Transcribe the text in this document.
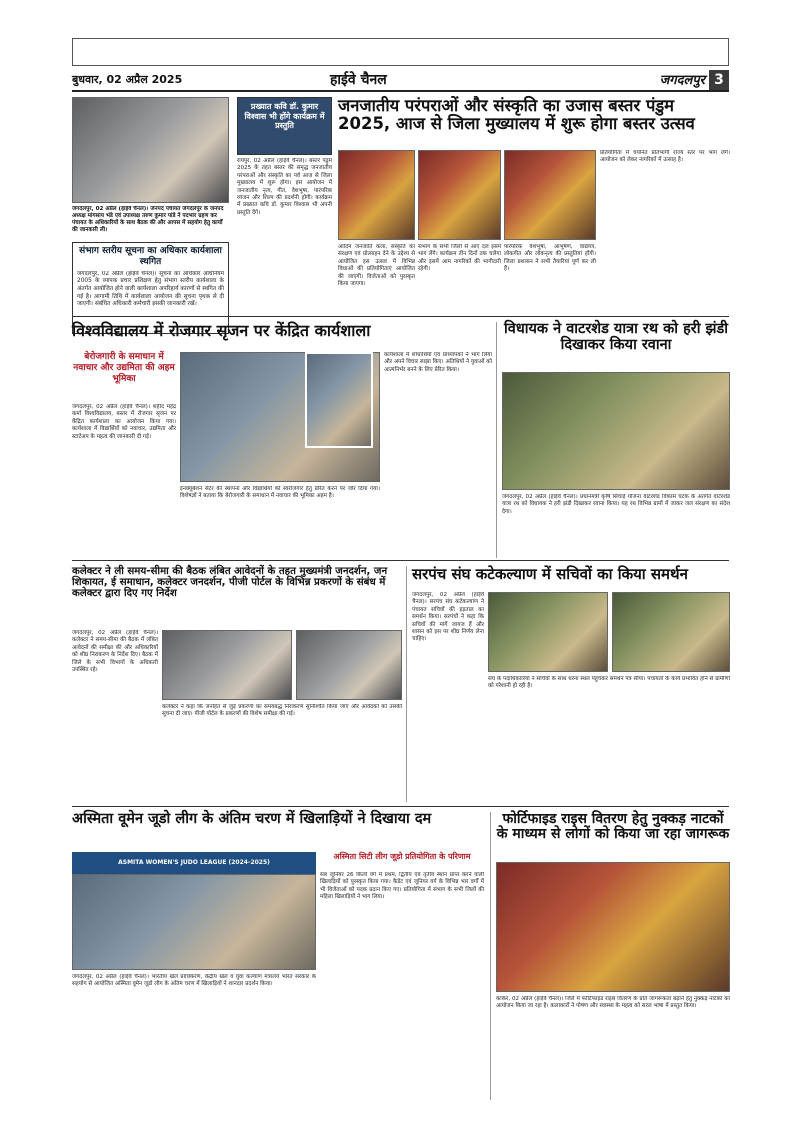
बुधवार, 02 अप्रैल 2025	हाईवे चैनल	जगदलपुर 3
जगदलपुर, 02 अप्रैल (हाईवे चैनल)। जनपद पंचायत जगदलपुर के जनपद अध्यक्ष मांगसाय भंडे एवं उपाध्यक्ष तरुण कुमार पांडे ने पदभार ग्रहण कर पंचायत के अधिकारियों के साथ बैठक की और आपस में सहयोग हेतु कार्यों की जानकारी ली।
संभाग स्तरीय सूचना का अधिकार कार्यशाला स्थगित
जगदलपुर, 02 अप्रैल (हाईवे चैनल)। सूचना का अधिकार अधिनियम 2005 के व्यापक प्रचार प्रशिक्षण हेतु संभाग स्तरीय कार्यशाला के अंतर्गत आयोजित होने वाली कार्यशाला अपरिहार्य कारणों से स्थगित की गई है। आगामी तिथि में कार्यशाला आयोजन की सूचना पृथक से दी जाएगी। संबंधित अधिकारी कर्मचारी इसकी जानकारी रखें।
प्रख्यात कवि डॉ. कुमार विश्वास भी होंगे कार्यक्रम में प्रस्तुति
जनजातीय परंपराओं और संस्कृति का उजास बस्तर पंडुम 2025, आज से जिला मुख्यालय में शुरू होगा बस्तर उत्सव
रायपुर, 02 अप्रैल (हाईवे चैनल)। बस्तर पंडुम 2025 के तहत बस्तर की समृद्ध जनजातीय परंपराओं और संस्कृति का पर्व आज से जिला मुख्यालय में शुरू होगा। इस आयोजन में जनजातीय नृत्य, गीत, वेशभूषा, पारंपरिक व्यंजन और शिल्प की प्रदर्शनी होगी। कार्यक्रम में प्रख्यात कवि डॉ. कुमार विश्वास भी अपनी प्रस्तुति देंगे।
प्रतियोगिता में चयनित प्रतिभागी राज्य स्तर पर भाग लेंगे। आयोजन को लेकर नागरिकों में उत्साह है।
आदिम जनजाति कला, संस्कृति का संरक्षण एवं प्रोत्साहन देने के उद्देश्य से आयोजित इस उत्सव में विभिन्न विधाओं की प्रतियोगिताएं आयोजित की जाएंगी। विजेताओं को पुरस्कृत किया जाएगा।
संभाग के सभी जिलों से आए दल इसमें भाग लेंगे। कार्यक्रम तीन दिनों तक चलेगा और इसमें आम नागरिकों की भागीदारी रहेगी।
पारंपरिक वेशभूषा, आभूषण, वाद्ययंत्र, लोकगीत और लोकनृत्य की प्रस्तुतियां होंगी। जिला प्रशासन ने सभी तैयारियां पूर्ण कर ली हैं।
विश्वविद्यालय में रोजगार सृजन पर केंद्रित कार्यशाला
बेरोजगारी के समाधान में नवाचार और उद्यमिता की अहम भूमिका
जगदलपुर, 02 अप्रैल (हाईवे चैनल)। शहीद महेंद्र कर्मा विश्वविद्यालय, बस्तर में रोजगार सृजन पर केंद्रित कार्यशाला का आयोजन किया गया। कार्यशाला में विद्यार्थियों को नवाचार, उद्यमिता और स्टार्टअप के महत्व की जानकारी दी गई।
इनक्यूबेशन सेंटर की स्थापना और विद्यार्थियों को स्वरोजगार हेतु प्रेरित करने पर जोर दिया गया। विशेषज्ञों ने बताया कि बेरोजगारी के समाधान में नवाचार की भूमिका अहम है।
कार्यशाला में शोधार्थियों एवं प्राध्यापकों ने भाग लिया और अपने विचार साझा किए। अतिथियों ने युवाओं को आत्मनिर्भर बनने के लिए प्रेरित किया।
विधायक ने वाटरशेड यात्रा रथ को हरी झंडी दिखाकर किया रवाना
जगदलपुर, 02 अप्रैल (हाईवे चैनल)। प्रधानमंत्री कृषि सिंचाई योजना वाटरशेड विकास घटक के अंतर्गत वाटरशेड यात्रा रथ को विधायक ने हरी झंडी दिखाकर रवाना किया। यह रथ विभिन्न ग्रामों में जाकर जल संरक्षण का संदेश देगा।
कलेक्टर ने ली समय-सीमा की बैठक लंबित आवेदनों के तहत मुख्यमंत्री जनदर्शन, जन शिकायत, ई समाधान, कलेक्टर जनदर्शन, पीजी पोर्टल के विभिन्न प्रकरणों के संबंध में कलेक्टर द्वारा दिए गए निर्देश
जगदलपुर, 02 अप्रैल (हाईवे चैनल)। कलेक्टर ने समय-सीमा की बैठक में लंबित आवेदनों की समीक्षा की और अधिकारियों को शीघ्र निराकरण के निर्देश दिए। बैठक में जिले के सभी विभागों के अधिकारी उपस्थित रहे।
कलेक्टर ने कहा कि जनहित से जुड़े प्रकरणों का समयबद्ध निराकरण सुनिश्चित किया जाए और आवेदकों को उसकी सूचना दी जाए। पीजी पोर्टल के प्रकरणों की विशेष समीक्षा की गई।
सरपंच संघ कटेकल्याण में सचिवों का किया समर्थन
जगदलपुर, 02 अप्रैल (हाईवे चैनल)। सरपंच संघ कटेकल्याण ने पंचायत सचिवों की हड़ताल का समर्थन किया। सरपंचों ने कहा कि सचिवों की मांगें जायज हैं और शासन को इस पर शीघ्र निर्णय लेना चाहिए।
संघ के पदाधिकारियों ने सचिवों के साथ धरना स्थल पहुंचकर समर्थन पत्र सौंपा। पंचायतों के कार्य प्रभावित होने से ग्रामीणों को परेशानी हो रही है।
अस्मिता वूमेन जूडो लीग के अंतिम चरण में खिलाड़ियों ने दिखाया दम
ASMITA WOMEN'S JUDO LEAGUE (2024-2025)
अस्मिता सिटी लीग जूडो प्रतियोगिता के परिणाम
सब जूनियर 26 किलो वर्ग में प्रथम, द्वितीय एवं तृतीय स्थान प्राप्त करने वाली खिलाड़ियों को पुरस्कृत किया गया। कैडेट एवं जूनियर वर्ग के विभिन्न भार वर्गों में भी विजेताओं को पदक प्रदान किए गए। प्रतियोगिता में संभाग के सभी जिलों की महिला खिलाड़ियों ने भाग लिया।
जगदलपुर, 02 अप्रैल (हाईवे चैनल)। भारतीय खेल प्राधिकरण, केंद्रीय खेल व युवा कल्याण मंत्रालय भारत सरकार के सहयोग से आयोजित अस्मिता वूमेन जूडो लीग के अंतिम चरण में खिलाड़ियों ने शानदार प्रदर्शन किया।
फोर्टिफाइड राइस वितरण हेतु नुक्कड़ नाटकों के माध्यम से लोगों को किया जा रहा जागरूक
कांकेर, 02 अप्रैल (हाईवे चैनल)। जिले में फोर्टिफाइड राइस वितरण के प्रति जागरूकता बढ़ाने हेतु नुक्कड़ नाटकों का आयोजन किया जा रहा है। कलाकारों ने पोषण और स्वास्थ्य के महत्व को सरल भाषा में प्रस्तुत किया।
